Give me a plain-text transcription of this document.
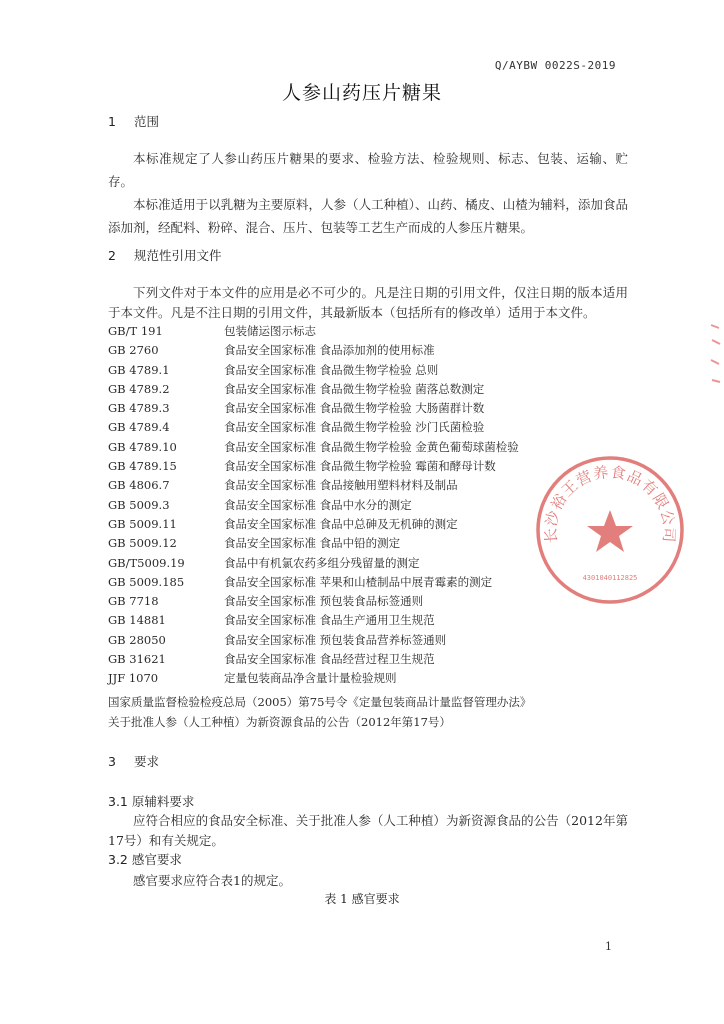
Q/AYBW 0022S-2019
人参山药压片糖果
1 范围

本标准规定了人参山药压片糖果的要求、检验方法、检验规则、标志、包装、运输、贮存。

本标准适用于以乳糖为主要原料，人参（人工种植）、山药、橘皮、山楂为辅料，添加食品添加剂，经配料、粉碎、混合、压片、包装等工艺生产而成的人参压片糖果。

2 规范性引用文件

下列文件对于本文件的应用是必不可少的。凡是注日期的引用文件，仅注日期的版本适用于本文件。凡是不注日期的引用文件，其最新版本（包括所有的修改单）适用于本文件。

GB/T 191	包装储运图示标志
GB 2760	食品安全国家标准 食品添加剂的使用标准
GB 4789.1	食品安全国家标准 食品微生物学检验 总则
GB 4789.2	食品安全国家标准 食品微生物学检验 菌落总数测定
GB 4789.3	食品安全国家标准 食品微生物学检验 大肠菌群计数
GB 4789.4	食品安全国家标准 食品微生物学检验 沙门氏菌检验
GB 4789.10	食品安全国家标准 食品微生物学检验 金黄色葡萄球菌检验
GB 4789.15	食品安全国家标准 食品微生物学检验 霉菌和酵母计数
GB 4806.7	食品安全国家标准 食品接触用塑料材料及制品
GB 5009.3	食品安全国家标准 食品中水分的测定
GB 5009.11	食品安全国家标准 食品中总砷及无机砷的测定
GB 5009.12	食品安全国家标准 食品中铅的测定
GB/T5009.19	食品中有机氯农药多组分残留量的测定
GB 5009.185	食品安全国家标准 苹果和山楂制品中展青霉素的测定
GB 7718	食品安全国家标准 预包装食品标签通则
GB 14881	食品安全国家标准 食品生产通用卫生规范
GB 28050	食品安全国家标准 预包装食品营养标签通则
GB 31621	食品安全国家标准 食品经营过程卫生规范
JJF 1070	定量包装商品净含量计量检验规则
国家质量监督检验检疫总局（2005）第75号令《定量包装商品计量监督管理办法》
关于批准人参（人工种植）为新资源食品的公告（2012年第17号）
3 要求
3.1 原辅料要求

应符合相应的食品安全标准、关于批准人参（人工种植）为新资源食品的公告（2012年第17号）和有关规定。

3.2 感官要求

感官要求应符合表1的规定。

表 1 感官要求
1
长沙裕王营养食品有限公司
4301040112825
